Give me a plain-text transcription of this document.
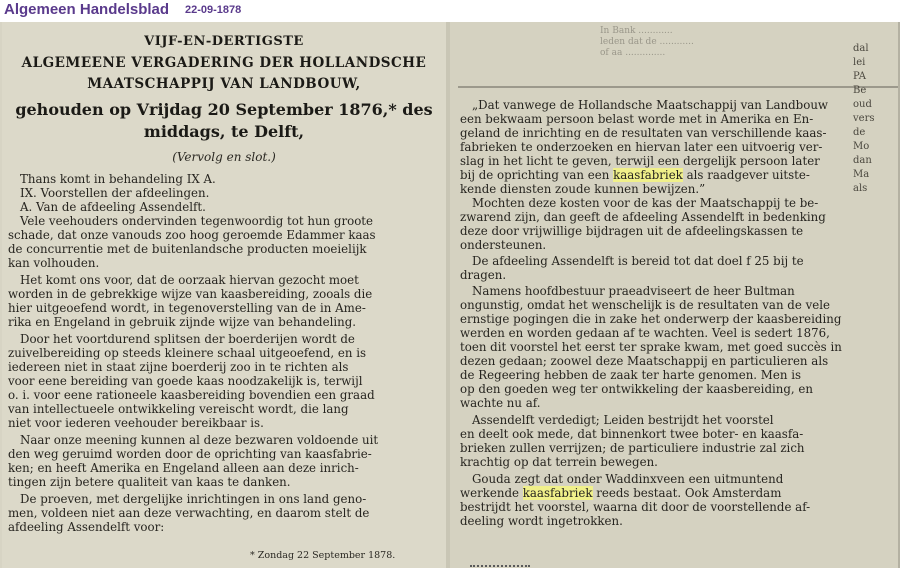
Algemeen Handelsblad 22-09-1878
VIJF-EN-DERTIGSTE
ALGEMEENE VERGADERING DER HOLLANDSCHE
MAATSCHAPPIJ VAN LANDBOUW,
gehouden op Vrijdag 20 September 1876,* des
middags, te Delft,
(Vervolg en slot.)
Thans komt in behandeling IX A.
IX. Voorstellen der afdeelingen.
A. Van de afdeeling Assendelft.
Vele veehouders ondervinden tegenwoordig tot hun groote
schade, dat onze vanouds zoo hoog geroemde Edammer kaas
de concurrentie met de buitenlandsche producten moeielijk
kan volhouden.
Het komt ons voor, dat de oorzaak hiervan gezocht moet
worden in de gebrekkige wijze van kaasbereiding, zooals die
hier uitgeoefend wordt, in tegenoverstelling van de in Ame-
rika en Engeland in gebruik zijnde wijze van behandeling.
Door het voortdurend splitsen der boerderijen wordt de
zuivelbereiding op steeds kleinere schaal uitgeoefend, en is
iedereen niet in staat zijne boerderij zoo in te richten als
voor eene bereiding van goede kaas noodzakelijk is, terwijl
o. i. voor eene rationeele kaasbereiding bovendien een graad
van intellectueele ontwikkeling vereischt wordt, die lang
niet voor iederen veehouder bereikbaar is.
Naar onze meening kunnen al deze bezwaren voldoende uit
den weg geruimd worden door de oprichting van kaasfabrie-
ken; en heeft Amerika en Engeland alleen aan deze inrich-
tingen zijn betere qualiteit van kaas te danken.
De proeven, met dergelijke inrichtingen in ons land geno-
men, voldeen niet aan deze verwachting, en daarom stelt de
afdeeling Assendelft voor:
* Zondag 22 September 1878.
In Bank ............
leden dat de ............
of aa ..............
„Dat vanwege de Hollandsche Maatschappij van Landbouw
een bekwaam persoon belast worde met in Amerika en En-
geland de inrichting en de resultaten van verschillende kaas-
fabrieken te onderzoeken en hiervan later een uitvoerig ver-
slag in het licht te geven, terwijl een dergelijk persoon later
bij de oprichting van een kaasfabriek als raadgever uitste-
kende diensten zoude kunnen bewijzen.”
Mochten deze kosten voor de kas der Maatschappij te be-
zwarend zijn, dan geeft de afdeeling Assendelft in bedenking
deze door vrijwillige bijdragen uit de afdeelingskassen te
ondersteunen.
De afdeeling Assendelft is bereid tot dat doel f 25 bij te
dragen.
Namens hoofdbestuur praeadviseert de heer Bultman
ongunstig, omdat het wenschelijk is de resultaten van de vele
ernstige pogingen die in zake het onderwerp der kaasbereiding
werden en worden gedaan af te wachten. Veel is sedert 1876,
toen dit voorstel het eerst ter sprake kwam, met goed succès in
dezen gedaan; zoowel deze Maatschappij en particulieren als
de Regeering hebben de zaak ter harte genomen. Men is
op den goeden weg ter ontwikkeling der kaasbereiding, en
wachte nu af.
Assendelft verdedigt; Leiden bestrijdt het voorstel
en deelt ook mede, dat binnenkort twee boter- en kaasfa-
brieken zullen verrijzen; de particuliere industrie zal zich
krachtig op dat terrein bewegen.
Gouda zegt dat onder Waddinxveen een uitmuntend
werkende kaasfabriek reeds bestaat. Ook Amsterdam
bestrijdt het voorstel, waarna dit door de voorstellende af-
deeling wordt ingetrokken.
dal
lei
PA
Be
oud
vers
de
Mo
dan
Ma
als
